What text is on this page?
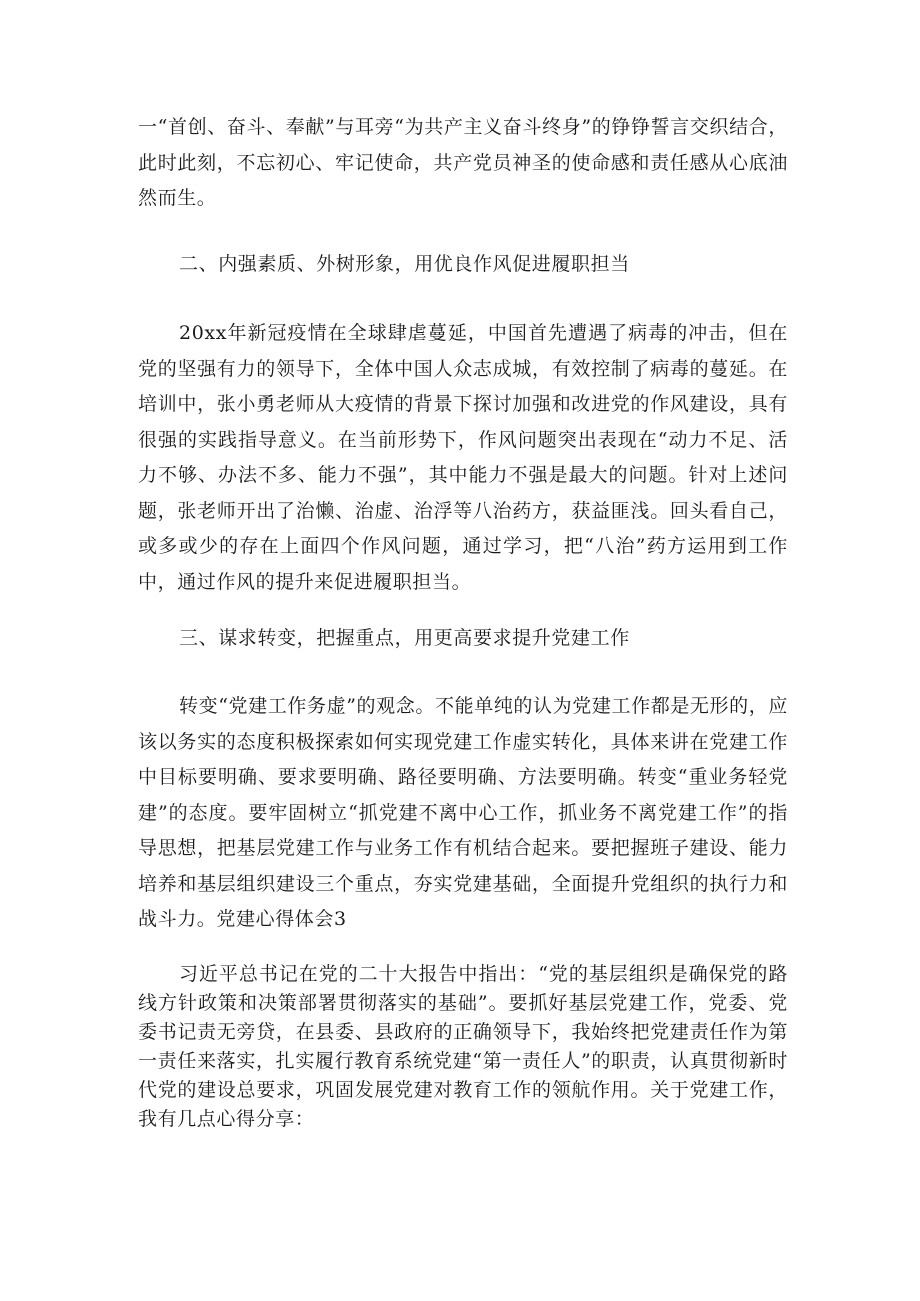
一“首创、奋斗、奉献”与耳旁“为共产主义奋斗终身”的铮铮誓言交织结合，此时此刻，不忘初心、牢记使命，共产党员神圣的使命感和责任感从心底油然而生。

二、内强素质、外树形象，用优良作风促进履职担当

20xx年新冠疫情在全球肆虐蔓延，中国首先遭遇了病毒的冲击，但在党的坚强有力的领导下，全体中国人众志成城，有效控制了病毒的蔓延。在培训中，张小勇老师从大疫情的背景下探讨加强和改进党的作风建设，具有很强的实践指导意义。在当前形势下，作风问题突出表现在“动力不足、活力不够、办法不多、能力不强”，其中能力不强是最大的问题。针对上述问题，张老师开出了治懒、治虚、治浮等八治药方，获益匪浅。回头看自己，或多或少的存在上面四个作风问题，通过学习，把“八治”药方运用到工作中，通过作风的提升来促进履职担当。

三、谋求转变，把握重点，用更高要求提升党建工作

转变“党建工作务虚”的观念。不能单纯的认为党建工作都是无形的，应该以务实的态度积极探索如何实现党建工作虚实转化，具体来讲在党建工作中目标要明确、要求要明确、路径要明确、方法要明确。转变“重业务轻党建”的态度。要牢固树立“抓党建不离中心工作，抓业务不离党建工作”的指导思想，把基层党建工作与业务工作有机结合起来。要把握班子建设、能力培养和基层组织建设三个重点，夯实党建基础，全面提升党组织的执行力和战斗力。党建心得体会3

习近平总书记在党的二十大报告中指出：“党的基层组织是确保党的路线方针政策和决策部署贯彻落实的基础”。要抓好基层党建工作，党委、党委书记责无旁贷，在县委、县政府的正确领导下，我始终把党建责任作为第一责任来落实，扎实履行教育系统党建“第一责任人”的职责，认真贯彻新时代党的建设总要求，巩固发展党建对教育工作的领航作用。关于党建工作，我有几点心得分享：
